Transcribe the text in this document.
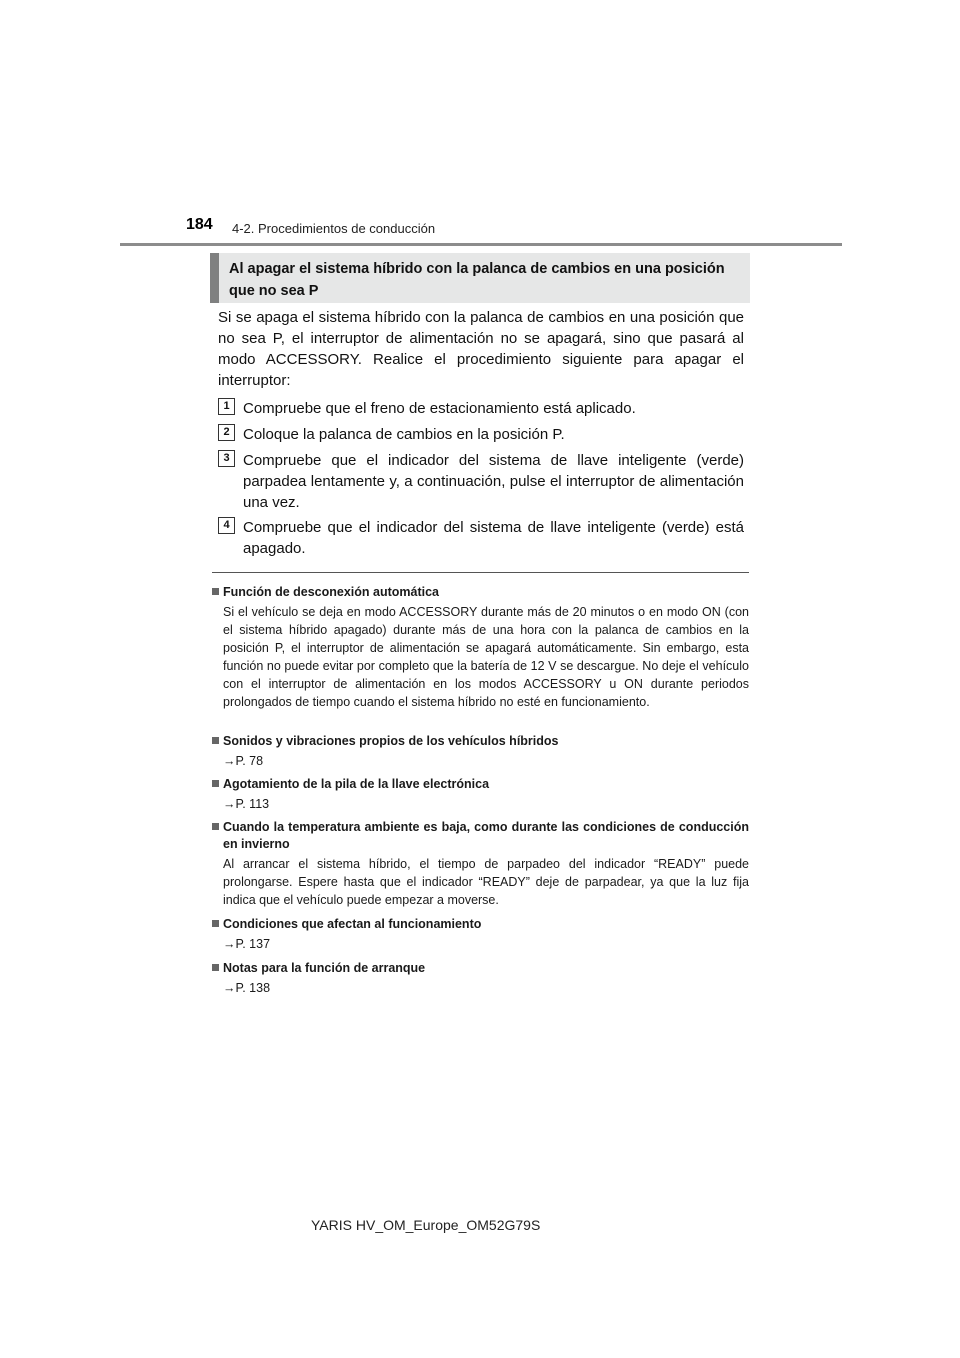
184 4-2. Procedimientos de conducción
Al apagar el sistema híbrido con la palanca de cambios en una posición que no sea P

Si se apaga el sistema híbrido con la palanca de cambios en una posición que no sea P, el interruptor de alimentación no se apagará, sino que pasará al modo ACCESSORY. Realice el procedimiento siguiente para apagar el interruptor:

1 Compruebe que el freno de estacionamiento está aplicado.
2 Coloque la palanca de cambios en la posición P.
3 Compruebe que el indicador del sistema de llave inteligente (verde) parpadea lentamente y, a continuación, pulse el interruptor de alimentación una vez.
4 Compruebe que el indicador del sistema de llave inteligente (verde) está apagado.
Función de desconexión automática
Si el vehículo se deja en modo ACCESSORY durante más de 20 minutos o en modo ON (con el sistema híbrido apagado) durante más de una hora con la palanca de cambios en la posición P, el interruptor de alimentación se apagará automáticamente. Sin embargo, esta función no puede evitar por completo que la batería de 12 V se descargue. No deje el vehículo con el interruptor de alimentación en los modos ACCESSORY u ON durante periodos prolongados de tiempo cuando el sistema híbrido no esté en funcionamiento.
Sonidos y vibraciones propios de los vehículos híbridos
→P. 78
Agotamiento de la pila de la llave electrónica
→P. 113
Cuando la temperatura ambiente es baja, como durante las condiciones de conducción en invierno
Al arrancar el sistema híbrido, el tiempo de parpadeo del indicador “READY” puede prolongarse. Espere hasta que el indicador “READY” deje de parpadear, ya que la luz fija indica que el vehículo puede empezar a moverse.
Condiciones que afectan al funcionamiento
→P. 137
Notas para la función de arranque
→P. 138
YARIS HV_OM_Europe_OM52G79S
